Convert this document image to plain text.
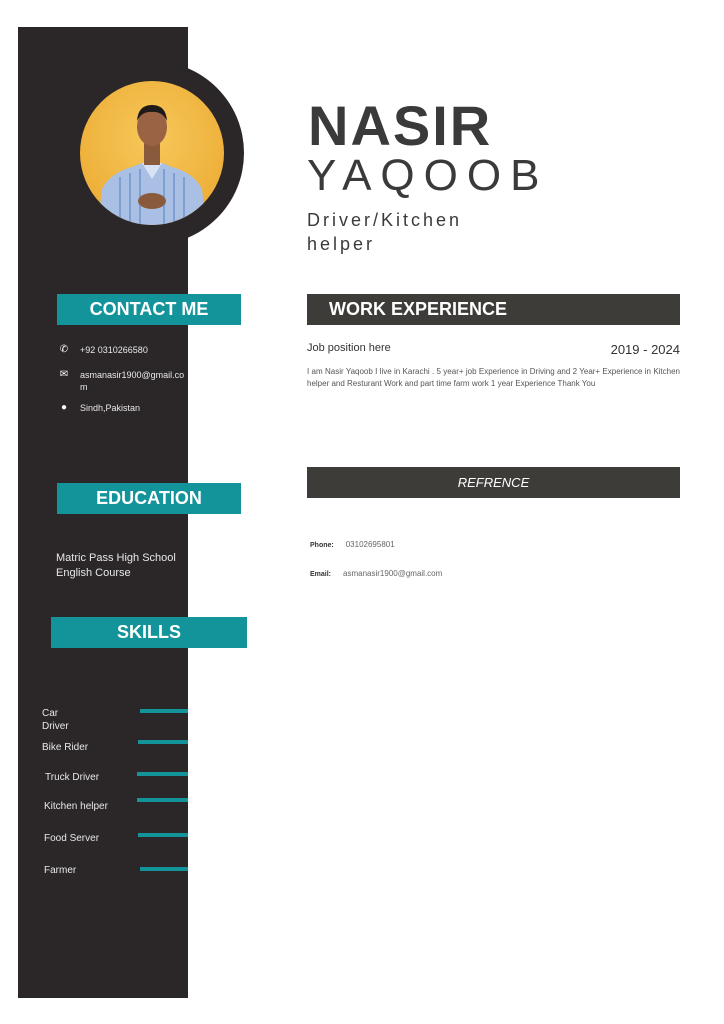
NASIR
YAQOOB
Driver/Kitchen helper
CONTACT ME
✆ +92 0310266580
✉ asmanasir1900@gmail.com
●	Sindh,Pakistan
EDUCATION
Matric Pass High School
English Course
SKILLS
Car Driver
Bike Rider
Truck Driver
Kitchen helper
Food Server
Farmer
WORK EXPERIENCE
Job position here	2019 - 2024
I am Nasir Yaqoob I live in Karachi . 5 year+ job Experience in Driving and 2 Year+ Experience in Kitchen helper and Resturant Work and part time farm work 1 year Experience Thank You
REFRENCE
Phone: 03102695801
Email: asmanasir1900@gmail.com
